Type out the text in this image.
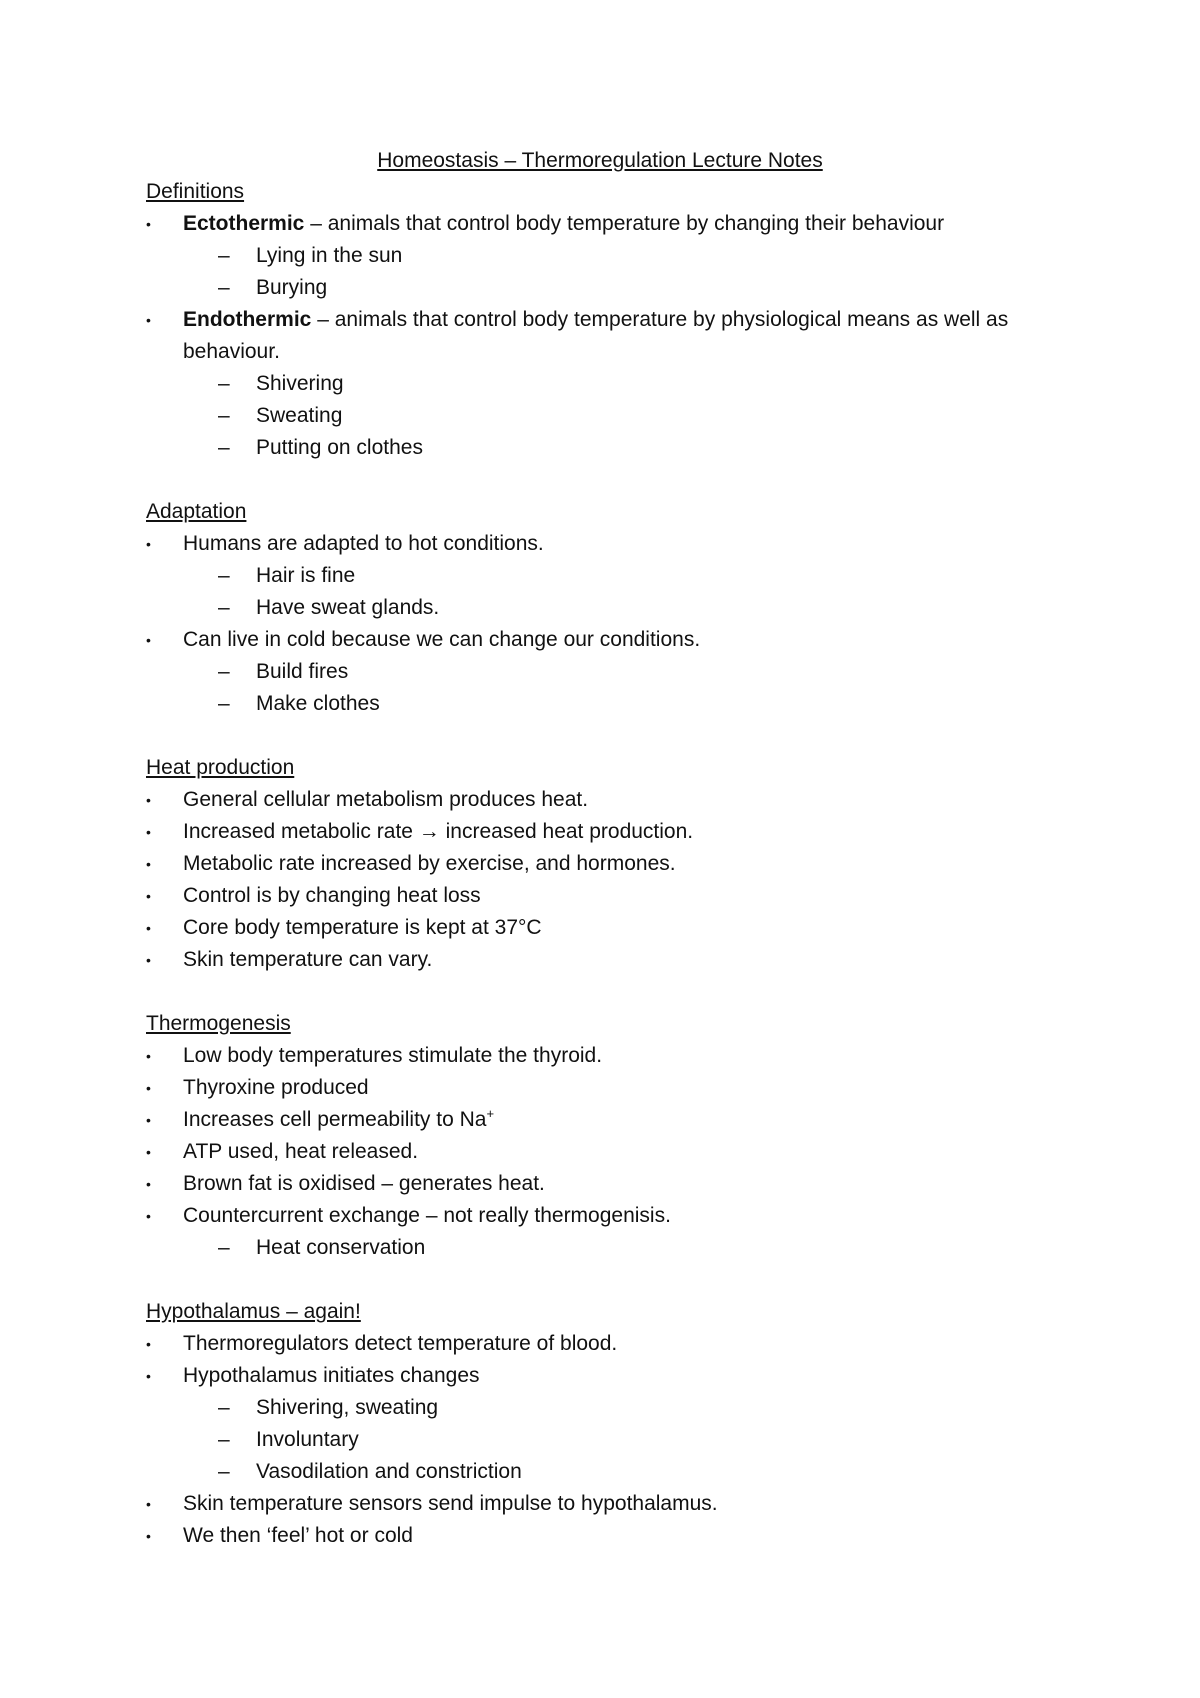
Homeostasis – Thermoregulation Lecture Notes
Definitions
•	Ectothermic – animals that control body temperature by changing their behaviour
– Lying in the sun
– Burying
•	Endothermic – animals that control body temperature by physiological means as well as behaviour.
– Shivering
– Sweating
– Putting on clothes
Adaptation
•	Humans are adapted to hot conditions.
– Hair is fine
– Have sweat glands.
•	Can live in cold because we can change our conditions.
– Build fires
– Make clothes
Heat production
•	General cellular metabolism produces heat.
•	Increased metabolic rate → increased heat production.
•	Metabolic rate increased by exercise, and hormones.
•	Control is by changing heat loss
•	Core body temperature is kept at 37°C
•	Skin temperature can vary.
Thermogenesis
•	Low body temperatures stimulate the thyroid.
•	Thyroxine produced
•	Increases cell permeability to Na+
•	ATP used, heat released.
•	Brown fat is oxidised – generates heat.
•	Countercurrent exchange – not really thermogenisis.
– Heat conservation
Hypothalamus – again!
•	Thermoregulators detect temperature of blood.
•	Hypothalamus initiates changes
– Shivering, sweating
– Involuntary
– Vasodilation and constriction
•	Skin temperature sensors send impulse to hypothalamus.
•	We then ‘feel’ hot or cold
